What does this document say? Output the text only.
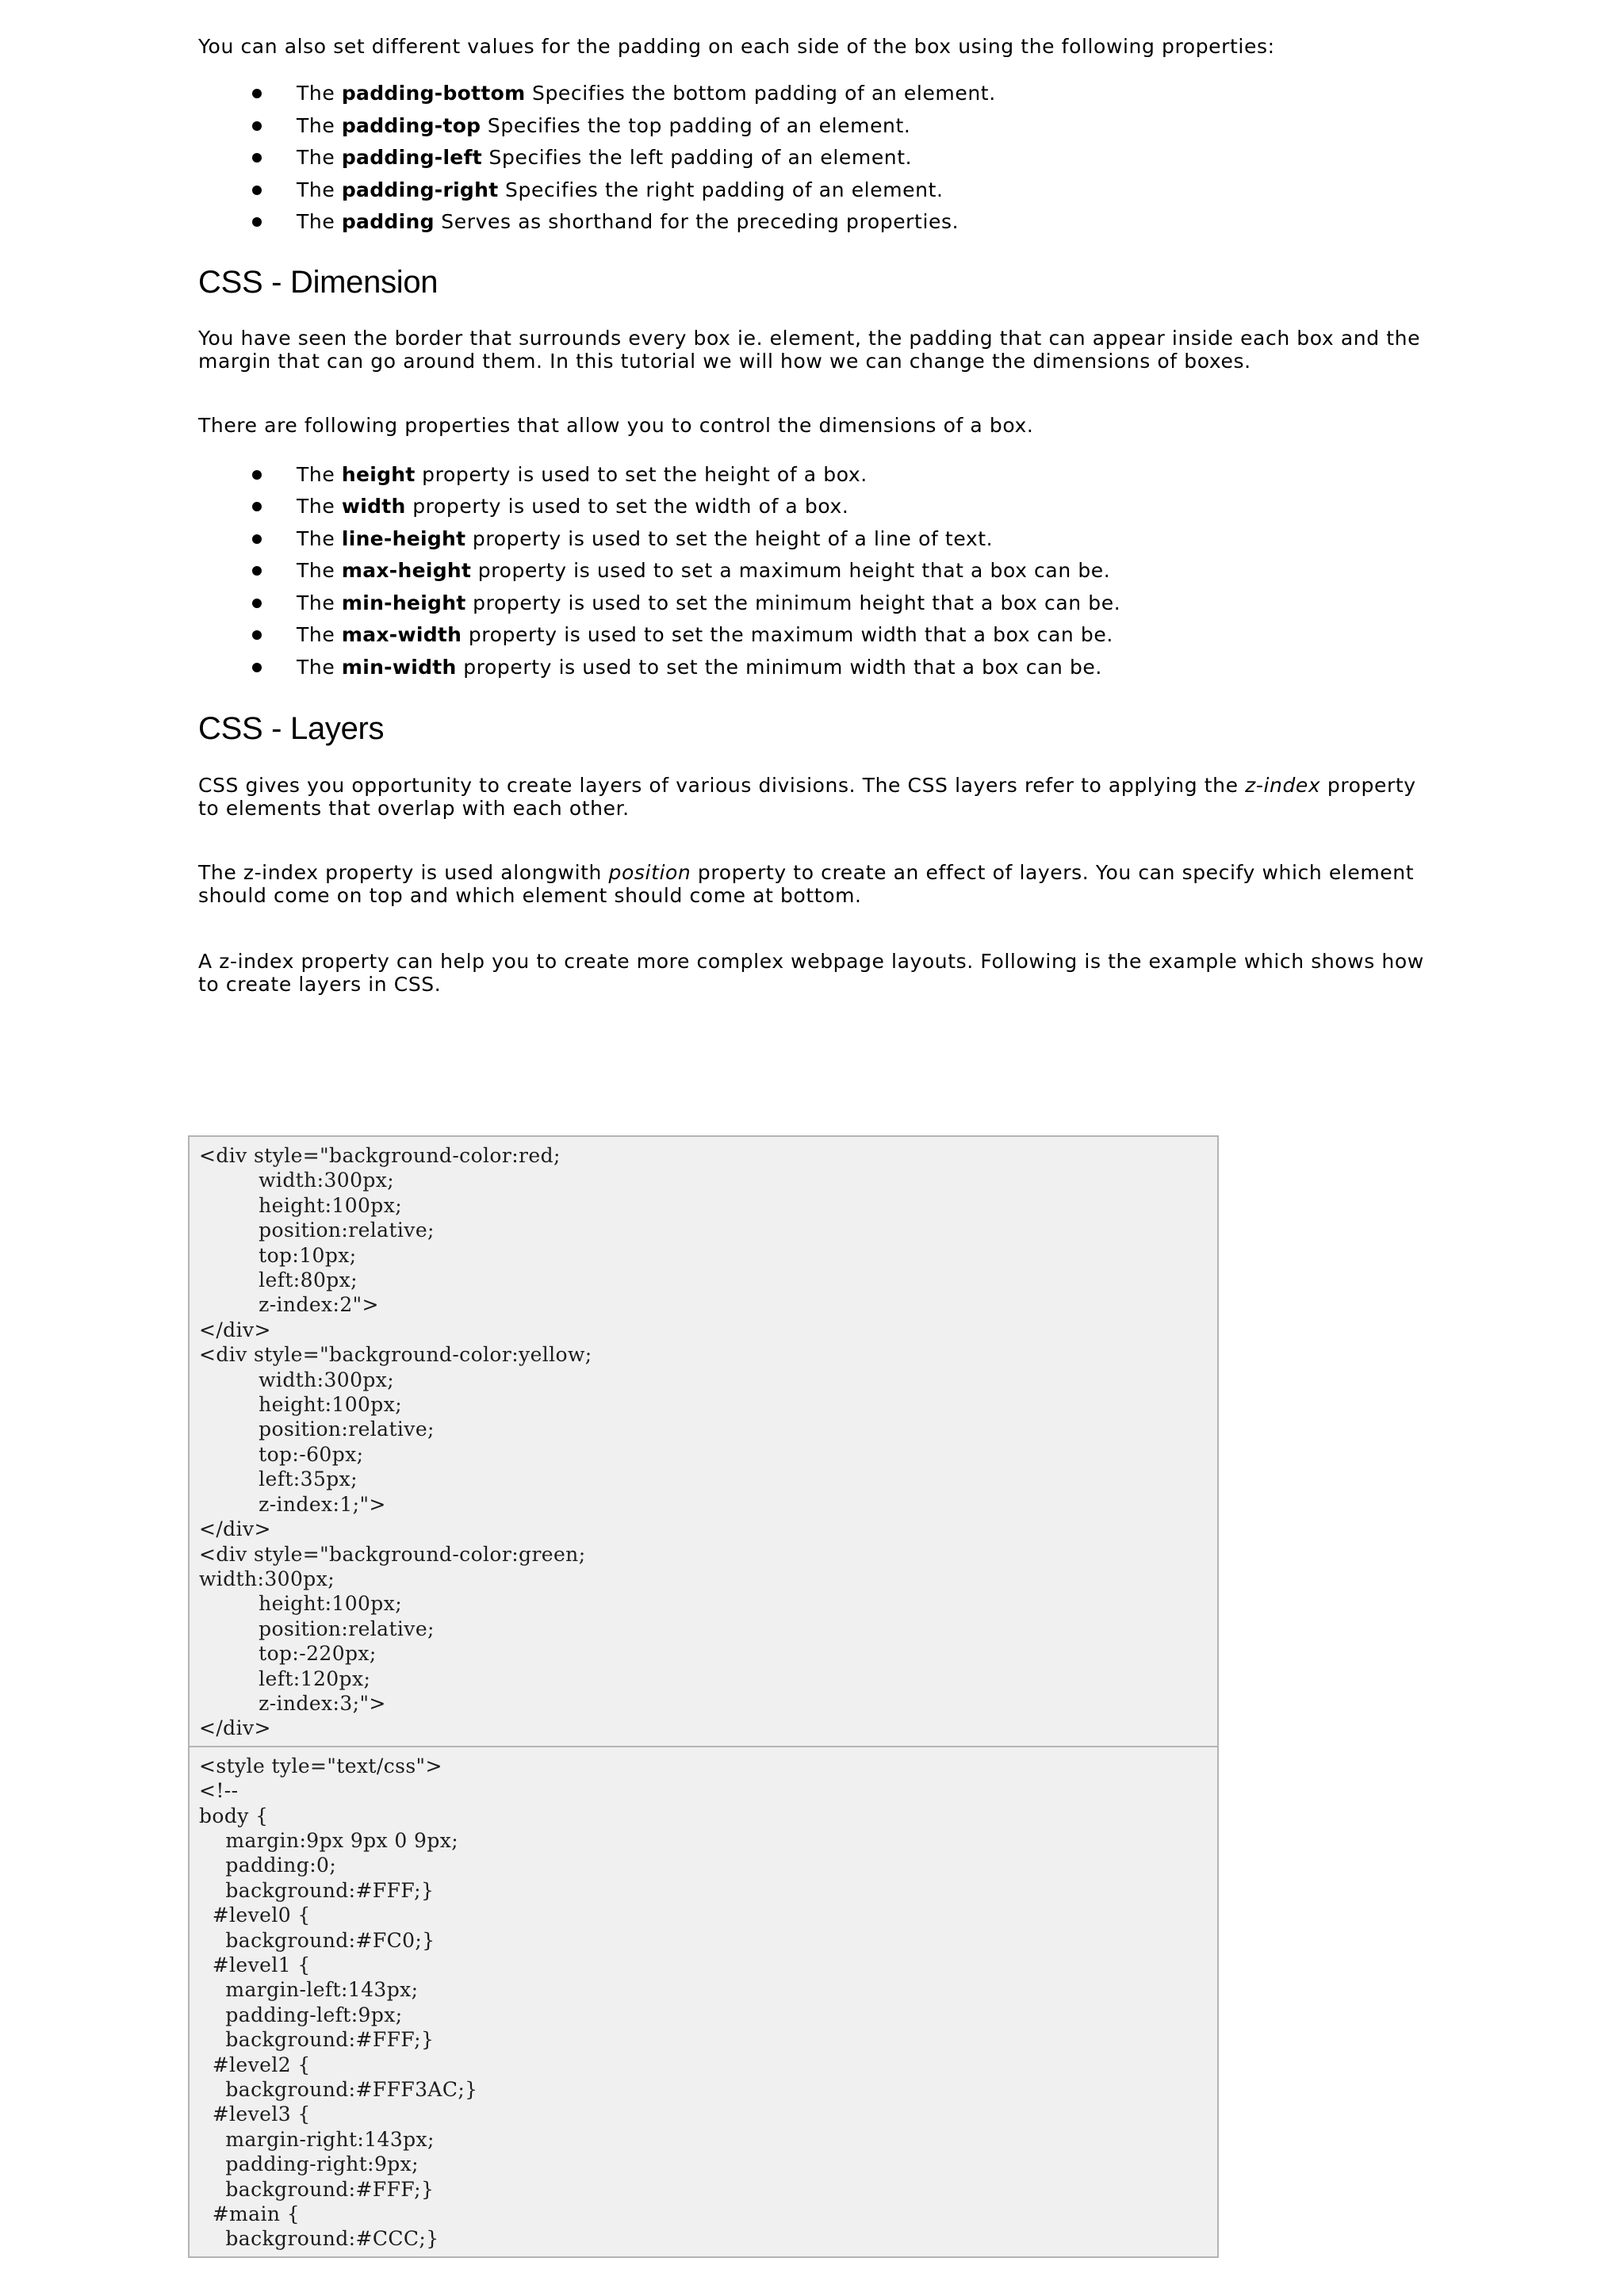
You can also set different values for the padding on each side of the box using the following properties:

The padding-bottom Specifies the bottom padding of an element.
The padding-top Specifies the top padding of an element.
The padding-left Specifies the left padding of an element.
The padding-right Specifies the right padding of an element.
The padding Serves as shorthand for the preceding properties.
CSS - Dimension

You have seen the border that surrounds every box ie. element, the padding that can appear inside each box and the margin that can go around them. In this tutorial we will how we can change the dimensions of boxes.

There are following properties that allow you to control the dimensions of a box.

The height property is used to set the height of a box.
The width property is used to set the width of a box.
The line-height property is used to set the height of a line of text.
The max-height property is used to set a maximum height that a box can be.
The min-height property is used to set the minimum height that a box can be.
The max-width property is used to set the maximum width that a box can be.
The min-width property is used to set the minimum width that a box can be.
CSS - Layers

CSS gives you opportunity to create layers of various divisions. The CSS layers refer to applying the z-index property to elements that overlap with each other.

The z-index property is used alongwith position property to create an effect of layers. You can specify which element should come on top and which element should come at bottom.

A z-index property can help you to create more complex webpage layouts. Following is the example which shows how to create layers in CSS.

<div style="background-color:red;
width:300px;
height:100px;
position:relative;
top:10px;
left:80px;
z-index:2">
</div>
<div style="background-color:yellow;
width:300px;
height:100px;
position:relative;
top:-60px;
left:35px;
z-index:1;">
</div>
<div style="background-color:green;
width:300px;
height:100px;
position:relative;
top:-220px;
left:120px;
z-index:3;">
</div>
<style tyle="text/css">
<!--
body {
margin:9px 9px 0 9px;
padding:0;
background:#FFF;}
#level0 {
background:#FC0;}
#level1 {
margin-left:143px;
padding-left:9px;
background:#FFF;}
#level2 {
background:#FFF3AC;}
#level3 {
margin-right:143px;
padding-right:9px;
background:#FFF;}
#main {
background:#CCC;}
